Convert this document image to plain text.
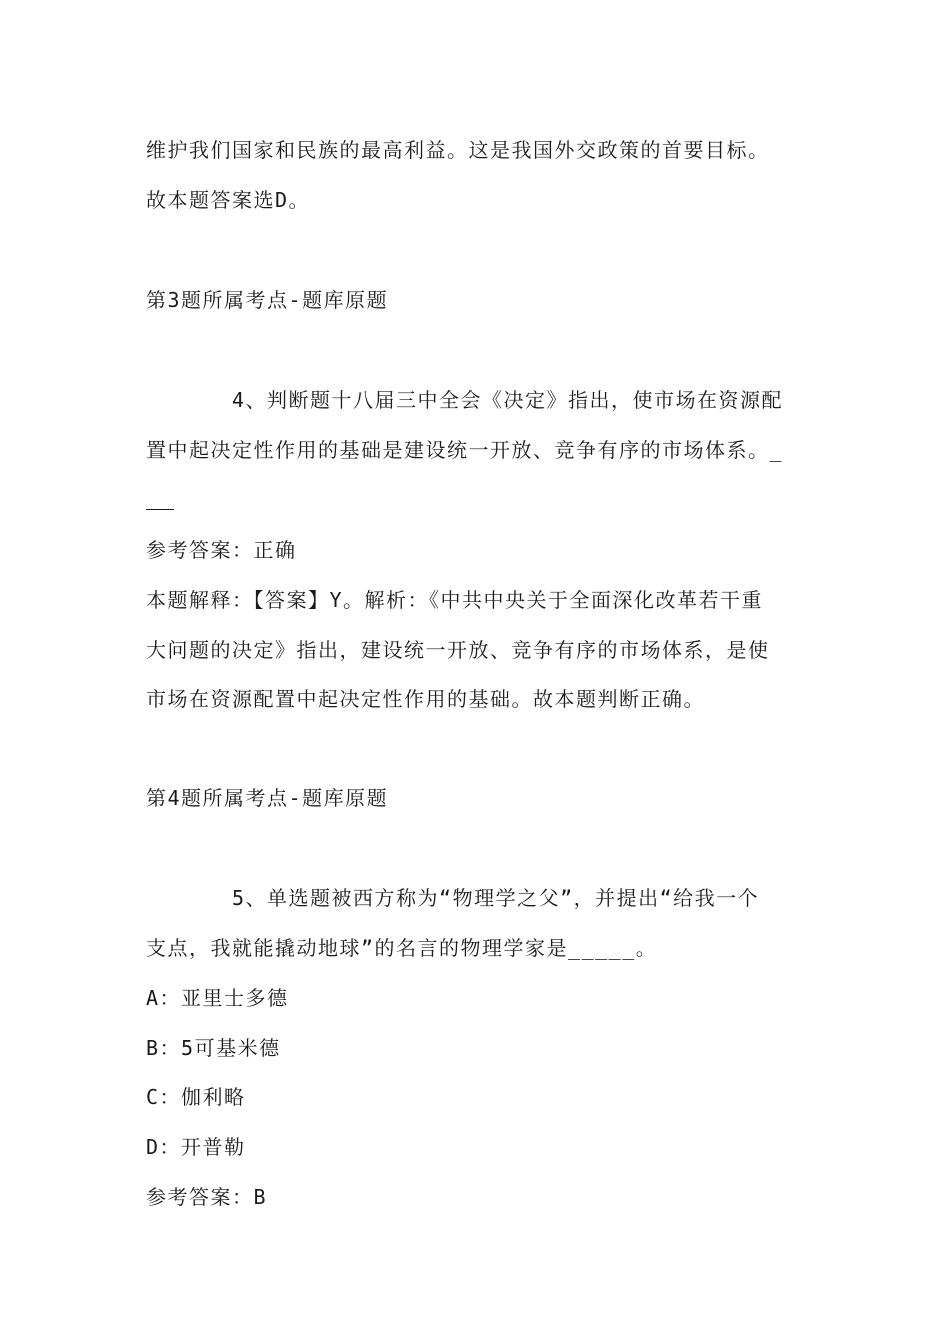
维护我们国家和民族的最高利益。这是我国外交政策的首要目标。
故本题答案选D。
第3题所属考点-题库原题
4、判断题十八届三中全会《决定》指出，使市场在资源配
置中起决定性作用的基础是建设统一开放、竞争有序的市场体系。_
参考答案：正确
本题解释：【答案】Y。解析：《中共中央关于全面深化改革若干重
大问题的决定》指出，建设统一开放、竞争有序的市场体系，是使
市场在资源配置中起决定性作用的基础。故本题判断正确。
第4题所属考点-题库原题
5、单选题被西方称为“物理学之父”，并提出“给我一个
支点，我就能撬动地球”的名言的物理学家是_____。
A：亚里士多德
B：5可基米德
C：伽利略
D：开普勒
参考答案：B
